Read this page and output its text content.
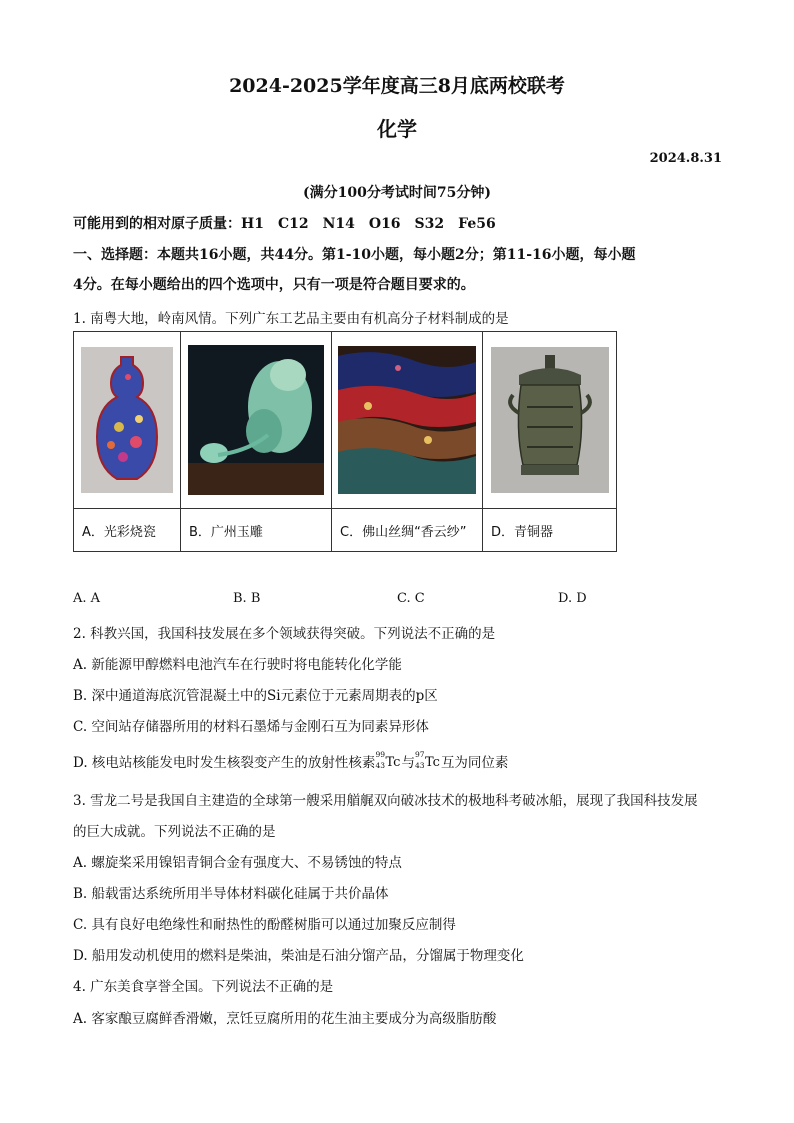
2024-2025学年度高三8月底两校联考
化学
2024.8.31
(满分100分考试时间75分钟)
可能用到的相对原子质量：H1　C12　N14　O16　S32　Fe56
一、选择题：本题共16小题，共44分。第1-10小题，每小题2分；第11-16小题，每小题
4分。在每小题给出的四个选项中，只有一项是符合题目要求的。
1. 南粤大地，岭南风情。下列广东工艺品主要由有机高分子材料制成的是

A．光彩烧瓷	B．广州玉雕	C．佛山丝绸“香云纱”	D．青铜器
A. A	B. B	C. C	D. D
2. 科教兴国，我国科技发展在多个领域获得突破。下列说法不正确的是
A. 新能源甲醇燃料电池汽车在行驶时将电能转化化学能
B. 深中通道海底沉管混凝土中的Si元素位于元素周期表的p区
C. 空间站存储器所用的材料石墨烯与金刚石互为同素异形体
D. 核电站核能发电时发生核裂变产生的放射性核素
99
43 Tc 与
97
43 Tc 互为同位素
3. 雪龙二号是我国自主建造的全球第一艘采用艏艉双向破冰技术的极地科考破冰船，展现了我国科技发展
的巨大成就。下列说法不正确的是
A. 螺旋桨采用镍铝青铜合金有强度大、不易锈蚀的特点
B. 船载雷达系统所用半导体材料碳化硅属于共价晶体
C. 具有良好电绝缘性和耐热性的酚醛树脂可以通过加聚反应制得
D. 船用发动机使用的燃料是柴油，柴油是石油分馏产品，分馏属于物理变化
4. 广东美食享誉全国。下列说法不正确的是
A. 客家酿豆腐鲜香滑嫩，烹饪豆腐所用的花生油主要成分为高级脂肪酸
